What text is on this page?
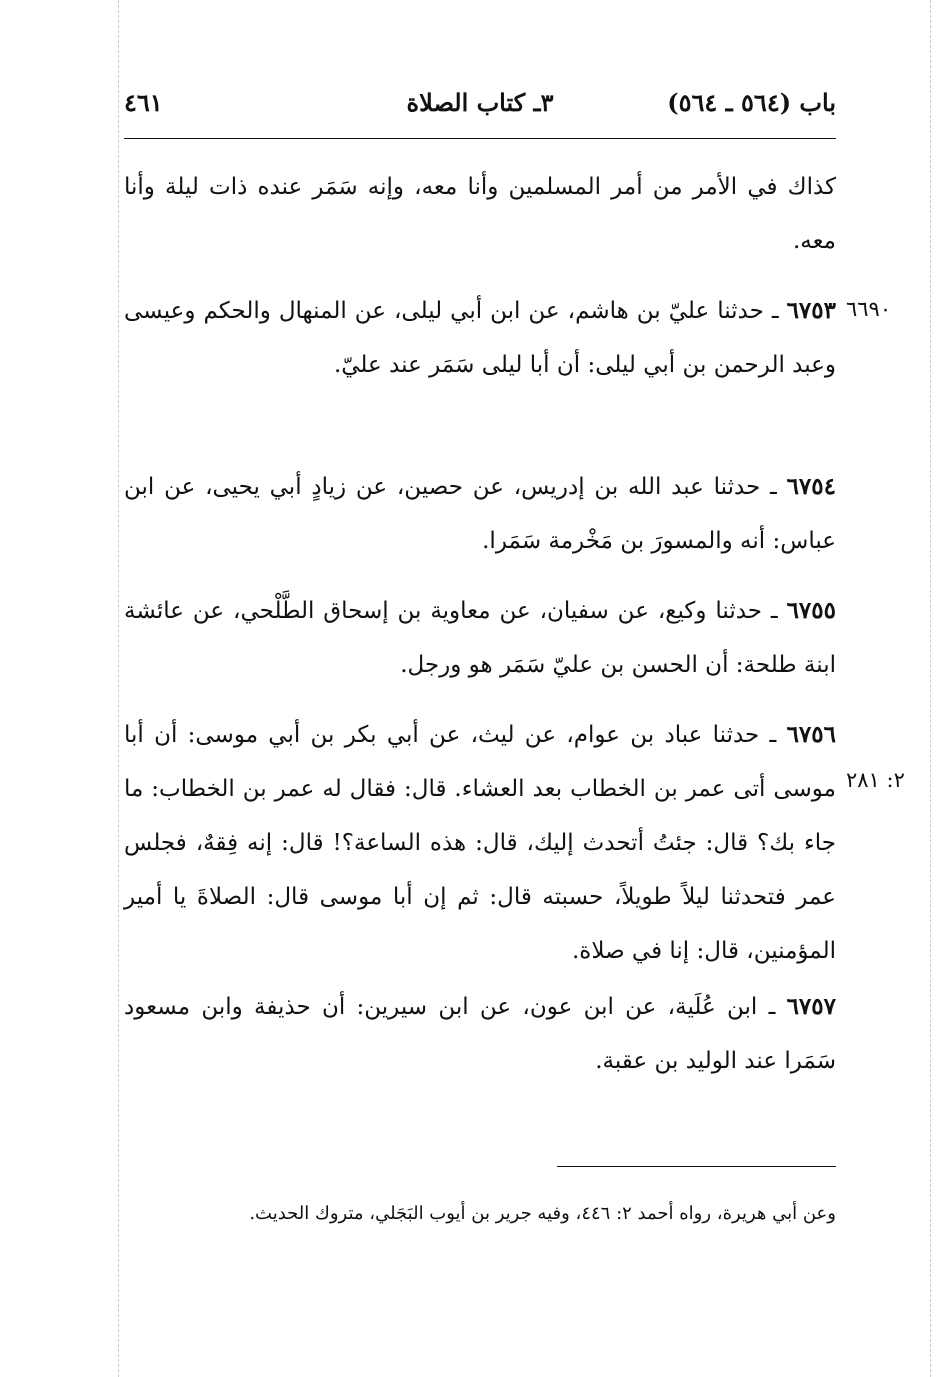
باب (٥٦٤ ـ ٥٦٤)
٣ـ كتاب الصلاة
٤٦١
كذاك في الأمر من أمر المسلمين وأنا معه، وإنه سَمَر عنده ذات ليلة وأنا معه.
٦٧٥٣ ـ حدثنا عليّ بن هاشم، عن ابن أبي ليلى، عن المنهال والحكم وعيسى وعبد الرحمن بن أبي ليلى: أن أبا ليلى سَمَر عند عليّ.
٦٦٩٠
٦٧٥٤ ـ حدثنا عبد الله بن إدريس، عن حصين، عن زيادٍ أبي يحيى، عن ابن عباس: أنه والمسورَ بن مَخْرمة سَمَرا.
٦٧٥٥ ـ حدثنا وكيع، عن سفيان، عن معاوية بن إسحاق الطَّلْحي، عن عائشة ابنة طلحة: أن الحسن بن عليّ سَمَر هو ورجل.
٦٧٥٦ ـ حدثنا عباد بن عوام، عن ليث، عن أبي بكر بن أبي موسى: أن أبا موسى أتى عمر بن الخطاب بعد العشاء. قال: فقال له عمر بن الخطاب: ما جاء بك؟ قال: جئتُ أتحدث إليك، قال: هذه الساعة؟! قال: إنه فِقهٌ، فجلس عمر فتحدثنا ليلاً طويلاً، حسبته قال: ثم إن أبا موسى قال: الصلاةَ يا أمير المؤمنين، قال: إنا في صلاة.
٢: ٢٨١
٦٧٥٧ ـ ابن عُلَية، عن ابن عون، عن ابن سيرين: أن حذيفة وابن مسعود سَمَرا عند الوليد بن عقبة.
وعن أبي هريرة، رواه أحمد ٢: ٤٤٦، وفيه جرير بن أيوب البَجَلي، متروك الحديث.
